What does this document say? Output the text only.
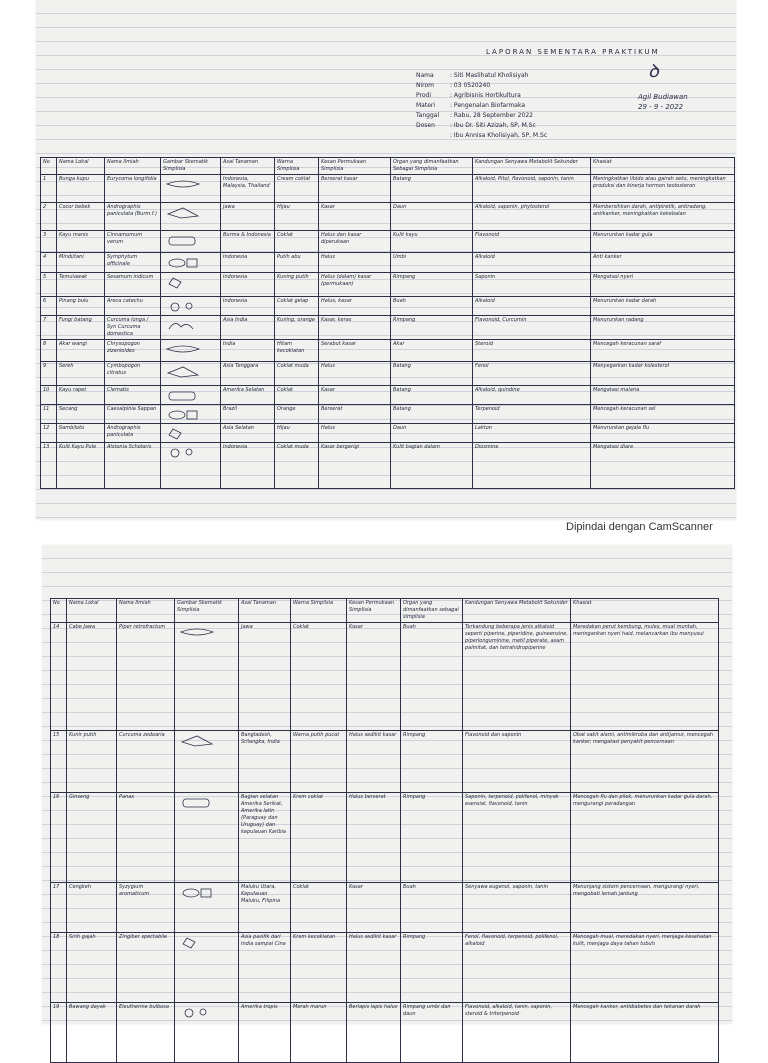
LAPORAN SEMENTARA PRAKTIKUM
Nama	: Siti Maslihatul Kholisiyah
Nirom	: 03 0520240
Prodi	: Agribisnis Hortikultura
Materi : Pengenalan Biofarmaka
Tanggal : Rabu, 28 September 2022
Dosen	: Ibu Dr. Siti Azizah, SP, M.Sc
: Ibu Annisa Kholisiyah, SP, M.Sc
ꝺ
Agil Budiawan
29 - 9 - 2022
No	Nama Lokal	Nama Ilmiah	Gambar Skematik Simplisia	Asal Tanaman	Warna Simplisia	Kesan Permukaan Simplisia	Organ yang dimanfaatkan Sebagai Simplisia	Kandungan Senyawa Metabolit Sekunder	Khasiat
1	Bunga kupu	Eurycoma longifolia		Indonesia, Malaysia, Thailand	Cream coklat	Berserat kasar	Batang	Alkaloid, Pitol, flavonoid, saponin, tanin	Meningkatkan libido atau gairah seks, meningkatkan produksi dan kinerja hormon testosteron
2	Cocor bebek	Andrographis paniculata (Burm.f.)		Jawa	Hijau	Kasar	Daun	Alkaloid, saponin, phytosterol	Membersihkan darah, antipiretik, antiradang, antikanker, meningkatkan kekebalan
3	Kayu manis	Cinnamomum verum		Burma & Indonesia	Coklat	Halus dan kasar diperukaan	Kulit kayu	Flavonoid	Menurunkan kadar gula
4	Mindi/tani	Symphytum officinale		Indonesia	Putih abu	Halus	Umbi	Alkaloid	Anti kanker
5	Temulawak	Sesamum indicum		Indonesia	Kuning putih	Halus (dalam) kasar (permukaan)	Rimpang	Saponin	Mengatasi nyeri
6	Pinang bulu	Areca catechu		Indonesia	Coklat gelap	Halus, kasar	Buah	Alkaloid	Menurunkan kadar darah
7	Fungi batang	Curcuma longa / Syn Curcuma domestica		Asia India	Kuning, orange	Kasar, keras	Rimpang	Flavonoid, Curcumin	Menurunkan radang
8	Akar wangi	Chrysopogon zizanioides		India	Hitam kecoklatan	Serabut kasar	Akar	Steroid	Mencegah keracunan saraf
9	Sereh	Cymbopogon citratus		Asia Tenggara	Coklat muda	Halus	Batang	Fenol	Menyegarkan kadar kolesterol
10	Kayu rapet	Clematis		Amerika Selatan	Coklat	Kasar	Batang	Alkaloid, quindine	Mengatasi malaria
11	Secang	Caesalpinia Sappan		Brazil	Orange	Berserat	Batang	Terpenoid	Mencegah keracunan sel
12	Sambiloto	Andrographis paniculata		Asia Selatan	Hijau	Halus	Daun	Lakton	Menurunkan gejala flu
13	Kulit Kayu Pule	Alstonia Scholaris		Indonesia	Coklat muda	Kasar bergerigi	Kulit bagian dalam	Diosmine	Mengatasi diare
Dipindai dengan CamScanner
No	Nama Lokal	Nama Ilmiah	Gambar Skematik Simplisia	Asal Tanaman	Warna Simplisia	Kesan Permukaan Simplisia	Organ yang dimanfaatkan sebagai simplisia	Kandungan Senyawa Metabolit Sekunder	Khasiat
14	Cabe Jawa	Piper retrofractum		Jawa	Coklat	Kasar	Buah	Terkandung beberapa jenis alkaloid seperti piperine, piperidine, guineensine, piperlonguminine, metil piperate, asam palmitat, dan tetrahidropiperine	Meredakan perut kembung, mules, mual muntah, meringankan nyeri haid, melancarkan ibu menyusui
15	Kunir putih	Curcuma zedoaria		Bangladesh, Srilangka, India	Warna putih pucat	Halus sedikit kasar	Rimpang	Flavonoid dan saponin	Obat sakit alami, antimikroba dan antijamur, mencegah kanker, mengatasi penyakit pencernaan
16	Ginseng	Panax		Bagian selatan Amerika Serikat, Amerika latin (Paraguay dan Uruguay) dan kepulauan Karibia	Krem coklat	Halus berserat	Rimpang	Saponin, terpenoid, polifenol, minyak esensial, flavonoid, tanin	Mencegah flu dan pilek, menurunkan kadar gula darah, mengurangi peradangan
17	Cengkeh	Syzygium aromaticum		Maluku Utara, Kepulauan Maluku, Filipina	Coklat	Kasar	Buah	Senyawa eugenol, saponin, tanin	Menunjang sistem pencernaan, mengurangi nyeri, mengobati lemah jantung
18	Sirih gajah	Zingiber spectabile		Asia pasifik dari India sampai Cina	Krem kecoklatan	Halus sedikit kasar	Rimpang	Fenol, flavonoid, terpenoid, polifenol, alkaloid	Mencegah mual, meredakan nyeri, menjaga kesehatan kulit, menjaga daya tahan tubuh
19	Bawang dayak	Eleutherine bulbosa		Amerika tropis	Merah marun	Berlapis lapis halus	Rimpang umbi dan daun	Flavonoid, alkaloid, tanin, saponin, steroid & triterpenoid	Mencegah kanker, antidiabetes dan tekanan darah
